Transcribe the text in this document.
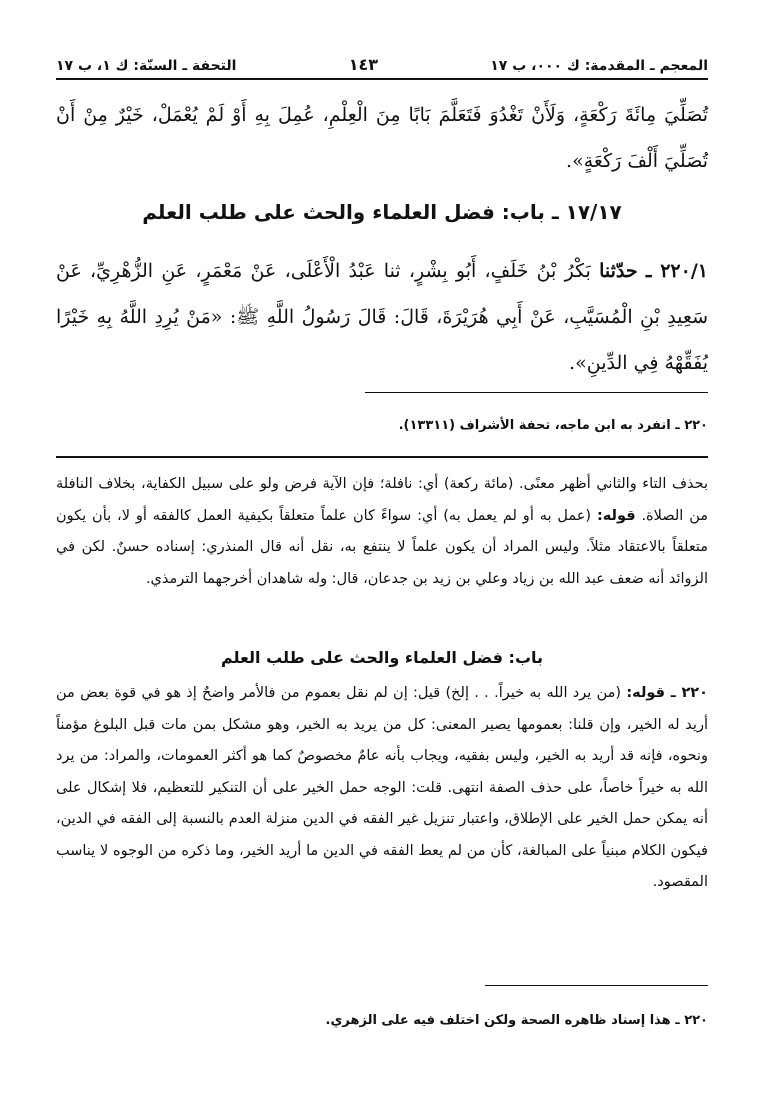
المعجم ـ المقدمة: ك ٠٠٠، ب ١٧
١٤٣
التحفة ـ السنّة: ك ١، ب ١٧
تُصَلِّيَ مِائَةَ رَكْعَةٍ، وَلَأَنْ تَغْدُوَ فَتَعَلَّمَ بَابًا مِنَ الْعِلْمِ، عُمِلَ بِهِ أَوْ لَمْ يُعْمَلْ، خَيْرٌ مِنْ أَنْ تُصَلِّيَ أَلْفَ رَكْعَةٍ».
١٧/١٧ ـ باب: فضل العلماء والحث على طلب العلم
٢٢٠/١ ـ حدّثنا بَكْرُ بْنُ خَلَفٍ، أَبُو بِشْرٍ، ثنا عَبْدُ الْأَعْلَى، عَنْ مَعْمَرٍ، عَنِ الزُّهْرِيِّ، عَنْ سَعِيدِ بْنِ الْمُسَيَّبِ، عَنْ أَبِي هُرَيْرَةَ، قَالَ: قَالَ رَسُولُ اللَّهِ ﷺ: «مَنْ يُرِدِ اللَّهُ بِهِ خَيْرًا يُفَقِّهْهُ فِي الدِّينِ».
٢٢٠ ـ انفرد به ابن ماجه، تحفة الأشراف (١٣٣١١).
بحذف التاء والثاني أظهر معنًى. (مائة ركعة) أي: نافلة؛ فإن الآية فرض ولو على سبيل الكفاية، بخلاف النافلة من الصلاة. قوله: (عمل به أو لم يعمل به) أي: سواءً كان علماً متعلقاً بكيفية العمل كالفقه أو لا، بأن يكون متعلقاً بالاعتقاد مثلاً. وليس المراد أن يكون علماً لا ينتفع به، نقل أنه قال المنذري: إسناده حسنٌ. لكن في الزوائد أنه ضعف عبد الله بن زياد وعلي بن زيد بن جدعان، قال: وله شاهدان أخرجهما الترمذي.
باب: فضل العلماء والحث على طلب العلم
٢٢٠ ـ قوله: (من يرد الله به خيراً. . . إلخ) قيل: إن لم نقل بعموم من فالأمر واضحٌ إذ هو في قوة بعض من أريد له الخير، وإن قلنا: بعمومها يصير المعنى: كل من يريد به الخير، وهو مشكل بمن مات قبل البلوغ مؤمناً ونحوه، فإنه قد أريد به الخير، وليس بفقيه، ويجاب بأنه عامٌ مخصوصٌ كما هو أكثر العمومات، والمراد: من يرد الله به خيراً خاصاً، على حذف الصفة انتهى. قلت: الوجه حمل الخير على أن التنكير للتعظيم، فلا إشكال على أنه يمكن حمل الخير على الإطلاق، واعتبار تنزيل غير الفقه في الدين منزلة العدم بالنسبة إلى الفقه في الدين، فيكون الكلام مبنياً على المبالغة، كأن من لم يعط الفقه في الدين ما أريد الخير، وما ذكره من الوجوه لا يناسب المقصود.
٢٢٠ ـ هذا إسناد ظاهره الصحة ولكن اختلف فيه على الزهري.
